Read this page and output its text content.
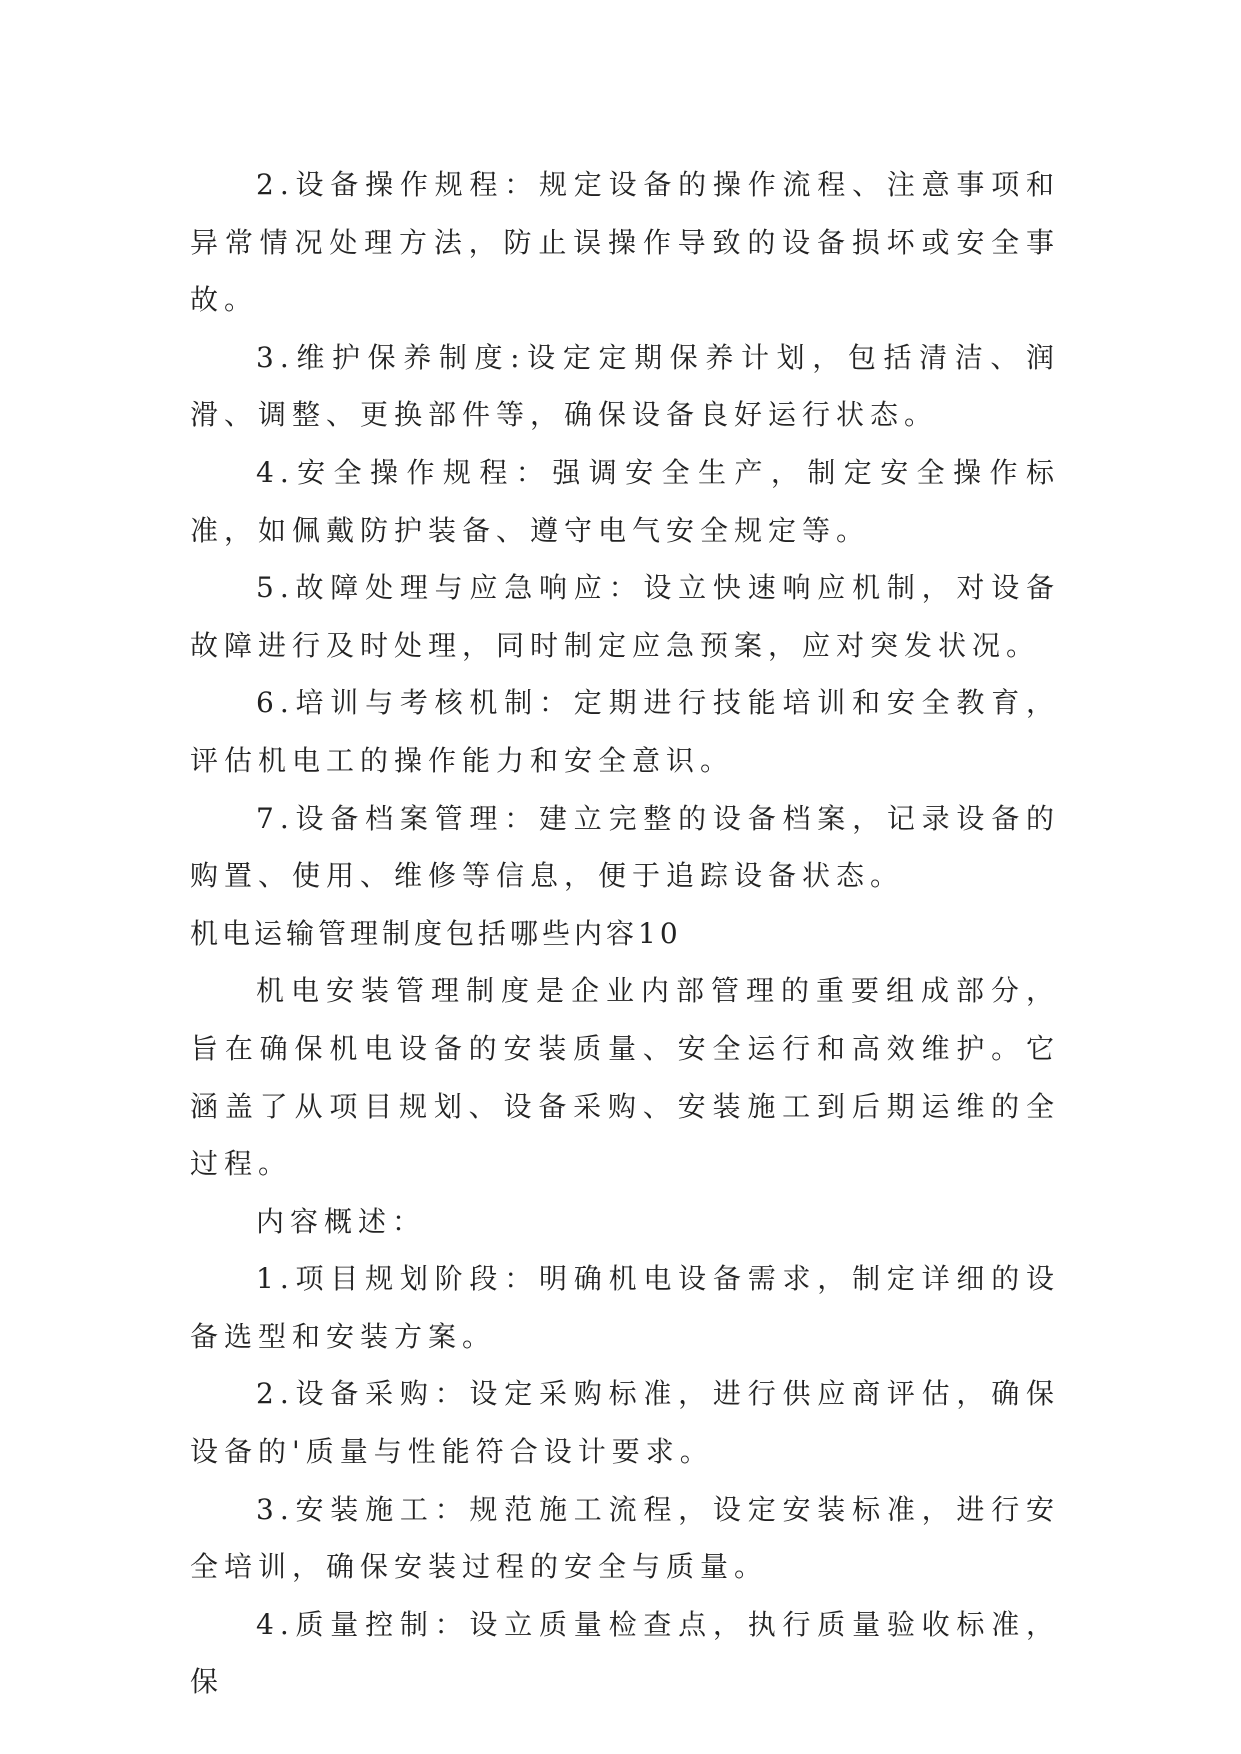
2.设备操作规程：规定设备的操作流程、注意事项和异常情况处理方法，防止误操作导致的设备损坏或安全事故。

3.维护保养制度:设定定期保养计划，包括清洁、润滑、调整、更换部件等，确保设备良好运行状态。

4.安全操作规程：强调安全生产，制定安全操作标准，如佩戴防护装备、遵守电气安全规定等。

5.故障处理与应急响应：设立快速响应机制，对设备故障进行及时处理，同时制定应急预案，应对突发状况。

6.培训与考核机制：定期进行技能培训和安全教育，评估机电工的操作能力和安全意识。

7.设备档案管理：建立完整的设备档案，记录设备的购置、使用、维修等信息，便于追踪设备状态。

机电运输管理制度包括哪些内容10

机电安装管理制度是企业内部管理的重要组成部分，旨在确保机电设备的安装质量、安全运行和高效维护。它涵盖了从项目规划、设备采购、安装施工到后期运维的全过程。

内容概述：

1.项目规划阶段：明确机电设备需求，制定详细的设备选型和安装方案。

2.设备采购：设定采购标准，进行供应商评估，确保设备的'质量与性能符合设计要求。

3.安装施工：规范施工流程，设定安装标准，进行安全培训，确保安装过程的安全与质量。

4.质量控制：设立质量检查点，执行质量验收标准，保
